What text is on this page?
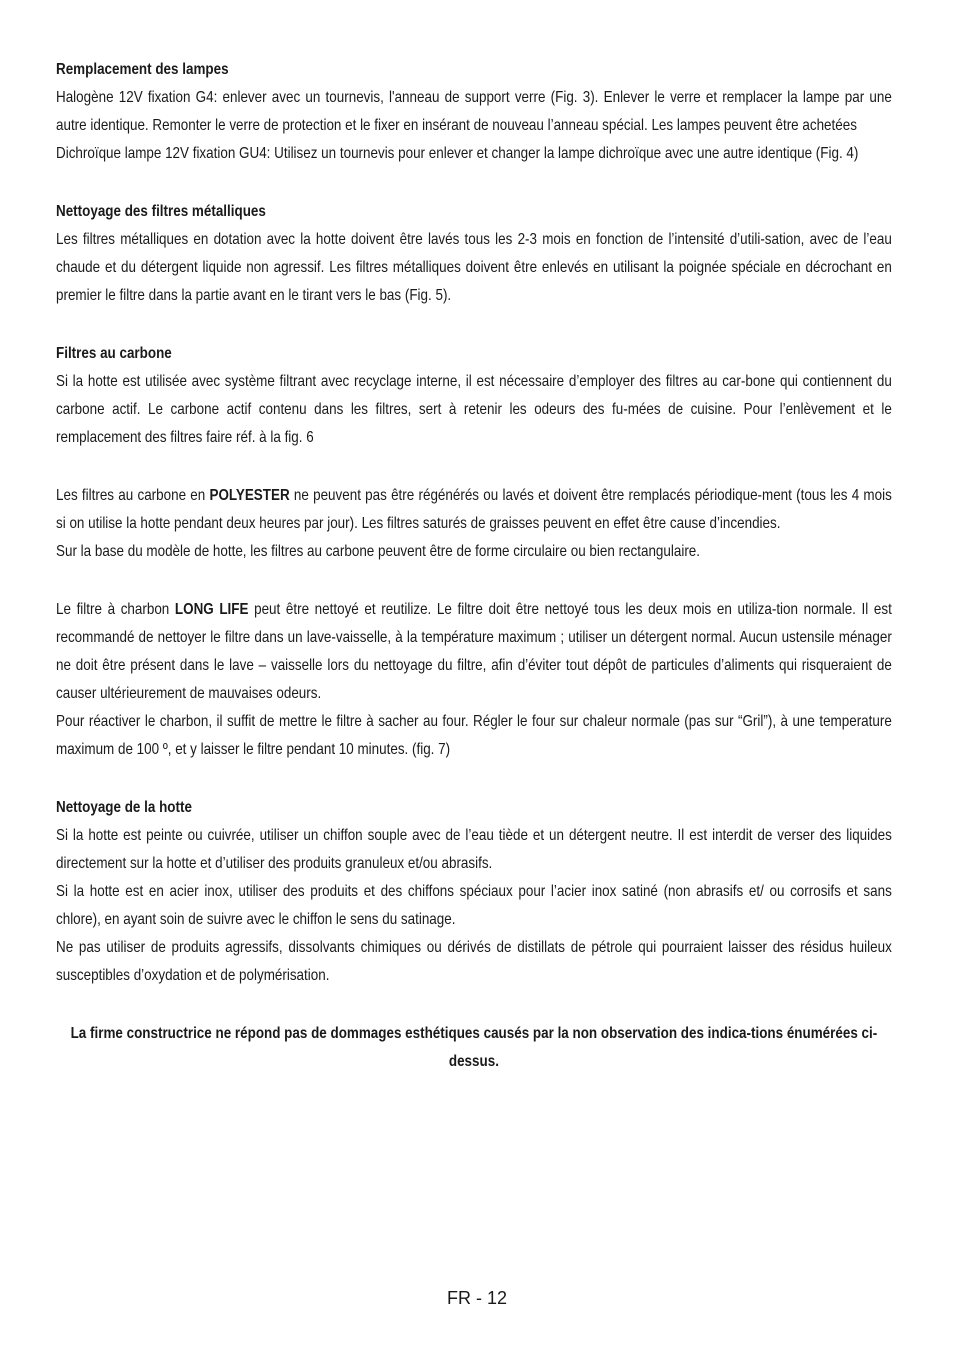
Remplacement des lampes

Halogène 12V fixation G4: enlever avec un tournevis, l'anneau de support verre (Fig. 3). Enlever le verre et remplacer la lampe par une autre identique. Remonter le verre de protection et le fixer en insérant de nouveau l’anneau spécial. Les lampes peuvent être achetées

Dichroïque lampe 12V fixation GU4: Utilisez un tournevis pour enlever et changer la lampe dichroïque avec une autre identique (Fig. 4)

Nettoyage des filtres métalliques

Les filtres métalliques en dotation avec la hotte doivent être lavés tous les 2-3 mois en fonction de l’intensité d’utili-sation, avec de l’eau chaude et du détergent liquide non agressif. Les filtres métalliques doivent être enlevés en utilisant la poignée spéciale en décrochant en premier le filtre dans la partie avant en le tirant vers le bas (Fig. 5).

Filtres au carbone

Si la hotte est utilisée avec système filtrant avec recyclage interne, il est nécessaire d’employer des filtres au car-bone qui contiennent du carbone actif. Le carbone actif contenu dans les filtres, sert à retenir les odeurs des fu-mées de cuisine. Pour l’enlèvement et le remplacement des filtres faire réf. à la fig. 6

Les filtres au carbone en POLYESTER ne peuvent pas être régénérés ou lavés et doivent être remplacés périodique-ment (tous les 4 mois si on utilise la hotte pendant deux heures par jour). Les filtres saturés de graisses peuvent en effet être cause d’incendies.

Sur la base du modèle de hotte, les filtres au carbone peuvent être de forme circulaire ou bien rectangulaire.

Le filtre à charbon LONG LIFE peut être nettoyé et reutilize. Le filtre doit être nettoyé tous les deux mois en utiliza-tion normale. Il est recommandé de nettoyer le filtre dans un lave-vaisselle, à la température maximum ; utiliser un détergent normal. Aucun ustensile ménager ne doit être présent dans le lave – vaisselle lors du nettoyage du filtre, afin d’éviter tout dépôt de particules d’aliments qui risqueraient de causer ultérieurement de mauvaises odeurs.

Pour réactiver le charbon, il suffit de mettre le filtre à sacher au four. Régler le four sur chaleur normale (pas sur “Gril”), à une temperature maximum de 100 º, et y laisser le filtre pendant 10 minutes. (fig. 7)

Nettoyage de la hotte

Si la hotte est peinte ou cuivrée, utiliser un chiffon souple avec de l’eau tiède et un détergent neutre. Il est interdit de verser des liquides directement sur la hotte et d’utiliser des produits granuleux et/ou abrasifs.

Si la hotte est en acier inox, utiliser des produits et des chiffons spéciaux pour l’acier inox satiné (non abrasifs et/ ou corrosifs et sans chlore), en ayant soin de suivre avec le chiffon le sens du satinage.

Ne pas utiliser de produits agressifs, dissolvants chimiques ou dérivés de distillats de pétrole qui pourraient laisser des résidus huileux susceptibles d’oxydation et de polymérisation.

La firme constructrice ne répond pas de dommages esthétiques causés par la non observation des indica-tions énumérées ci-dessus.

FR - 12
